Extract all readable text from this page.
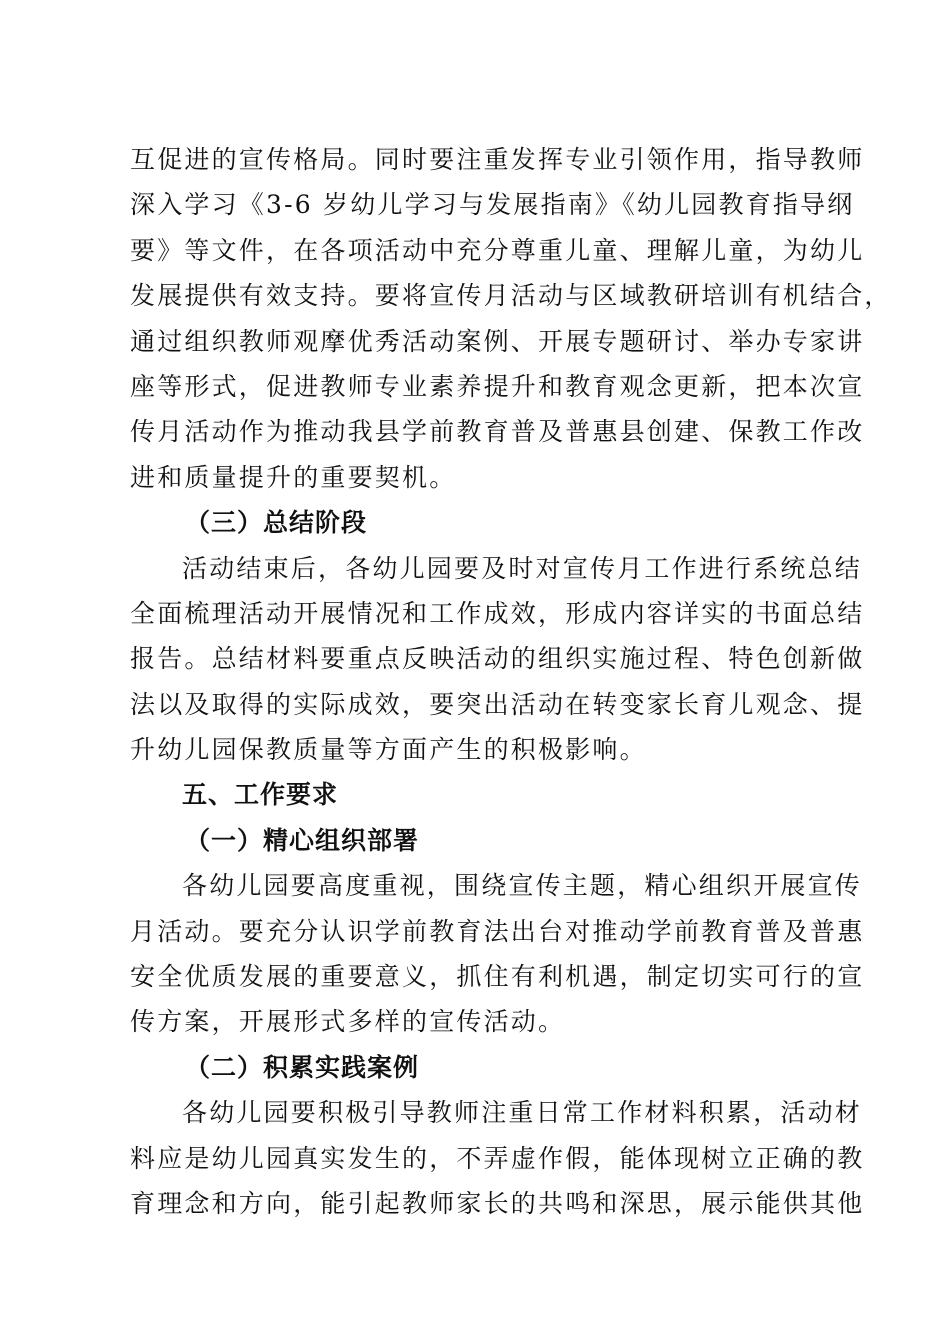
互促进的宣传格局。同时要注重发挥专业引领作用，指导教师
深入学习《3-6 岁幼儿学习与发展指南》《幼儿园教育指导纲
要》等文件，在各项活动中充分尊重儿童、理解儿童，为幼儿
发展提供有效支持。要将宣传月活动与区域教研培训有机结合，
通过组织教师观摩优秀活动案例、开展专题研讨、举办专家讲
座等形式，促进教师专业素养提升和教育观念更新，把本次宣
传月活动作为推动我县学前教育普及普惠县创建、保教工作改
进和质量提升的重要契机。
（三）总结阶段
活动结束后，各幼儿园要及时对宣传月工作进行系统总结
全面梳理活动开展情况和工作成效，形成内容详实的书面总结
报告。总结材料要重点反映活动的组织实施过程、特色创新做
法以及取得的实际成效，要突出活动在转变家长育儿观念、提
升幼儿园保教质量等方面产生的积极影响。
五、工作要求
（一）精心组织部署
各幼儿园要高度重视，围绕宣传主题，精心组织开展宣传
月活动。要充分认识学前教育法出台对推动学前教育普及普惠
安全优质发展的重要意义，抓住有利机遇，制定切实可行的宣
传方案，开展形式多样的宣传活动。
（二）积累实践案例
各幼儿园要积极引导教师注重日常工作材料积累，活动材
料应是幼儿园真实发生的，不弄虚作假，能体现树立正确的教
育理念和方向，能引起教师家长的共鸣和深思，展示能供其他
